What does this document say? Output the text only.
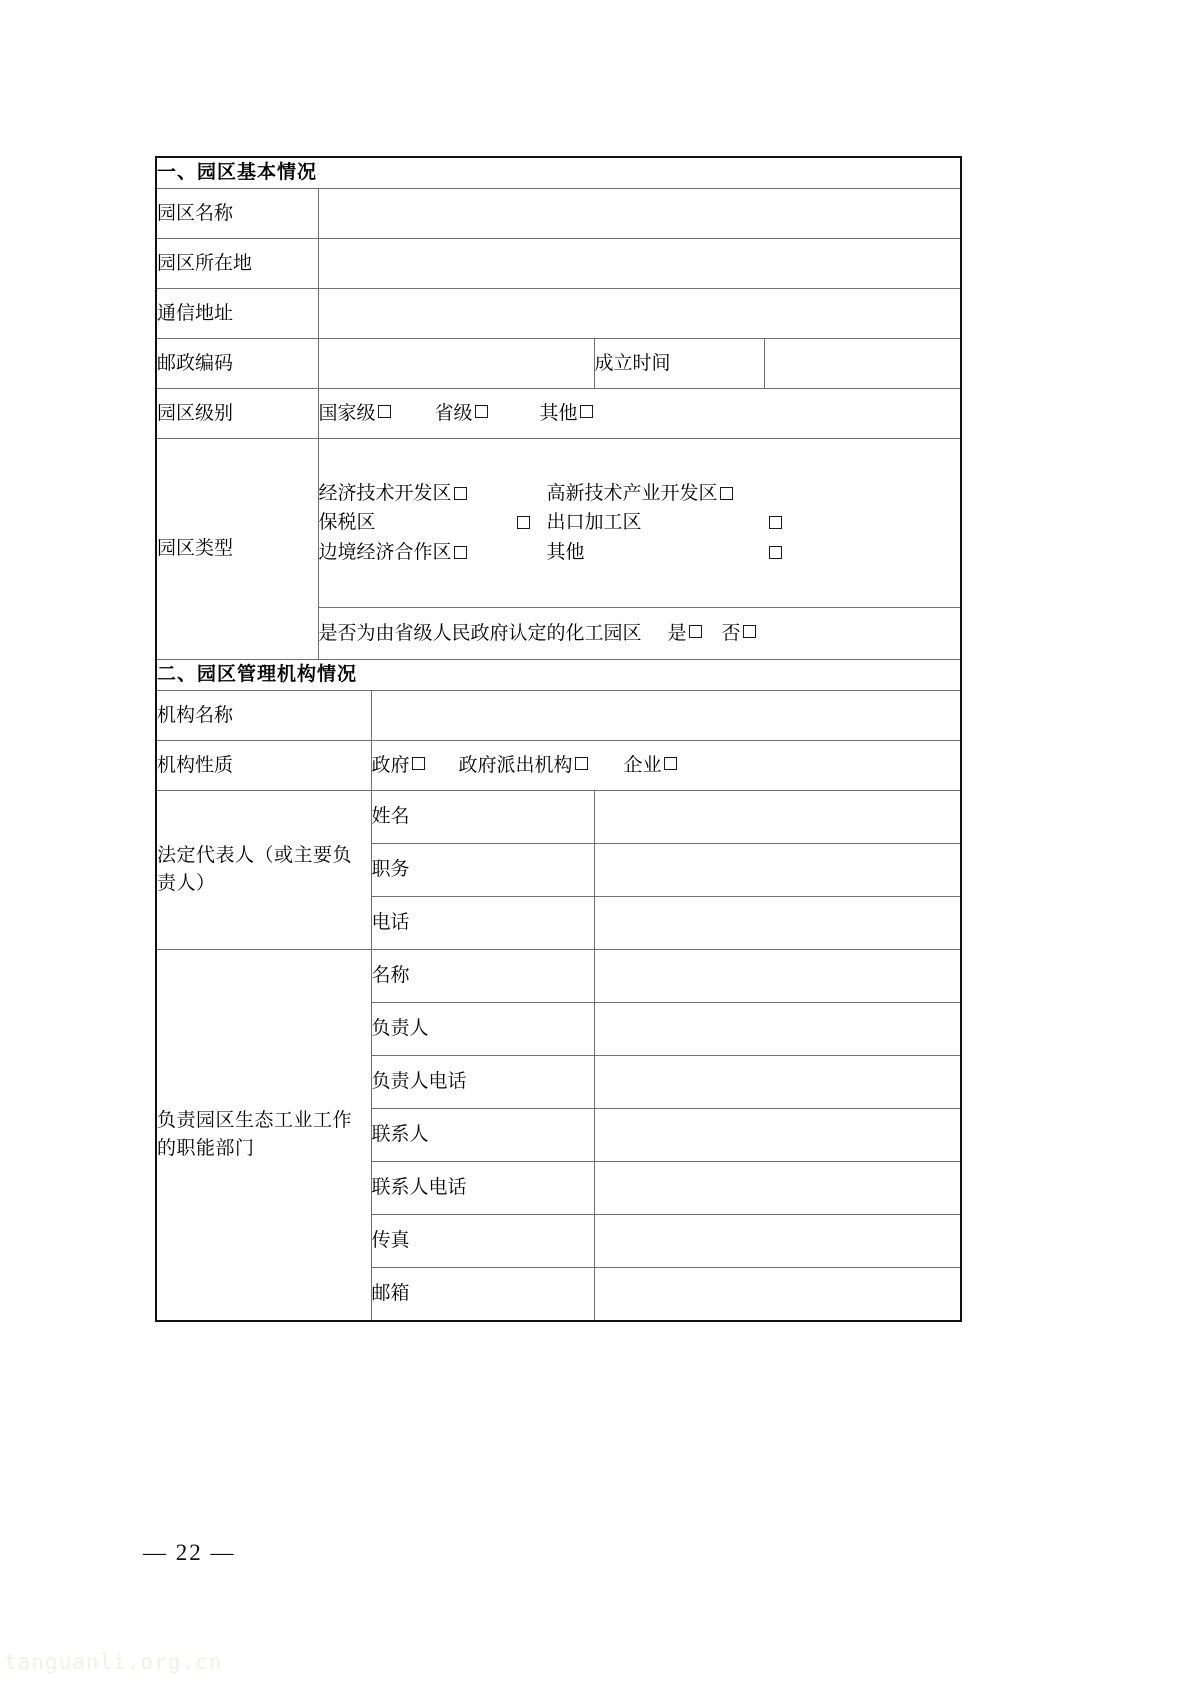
一、园区基本情况				
园区名称				
园区所在地				
通信地址				
邮政编码			成立时间	
园区级别	国家级 省级 其他			
园区类型	
经济技术开发区	高新技术产业开发区
保税区	出口加工区
边境经济合作区	其他

	是否为由省级人民政府认定的化工园区 是 否			
二、园区管理机构情况				
机构名称				
机构性质		政府 政府派出机构 企业		
法定代表人（或主要负责人）		姓名		
		职务		
		电话		
负责园区生态工业工作的职能部门		名称		
		负责人		
		负责人电话		
		联系人		
		联系人电话		
		传真		
		邮箱		
— 22 —
tanguanli.org.cn
